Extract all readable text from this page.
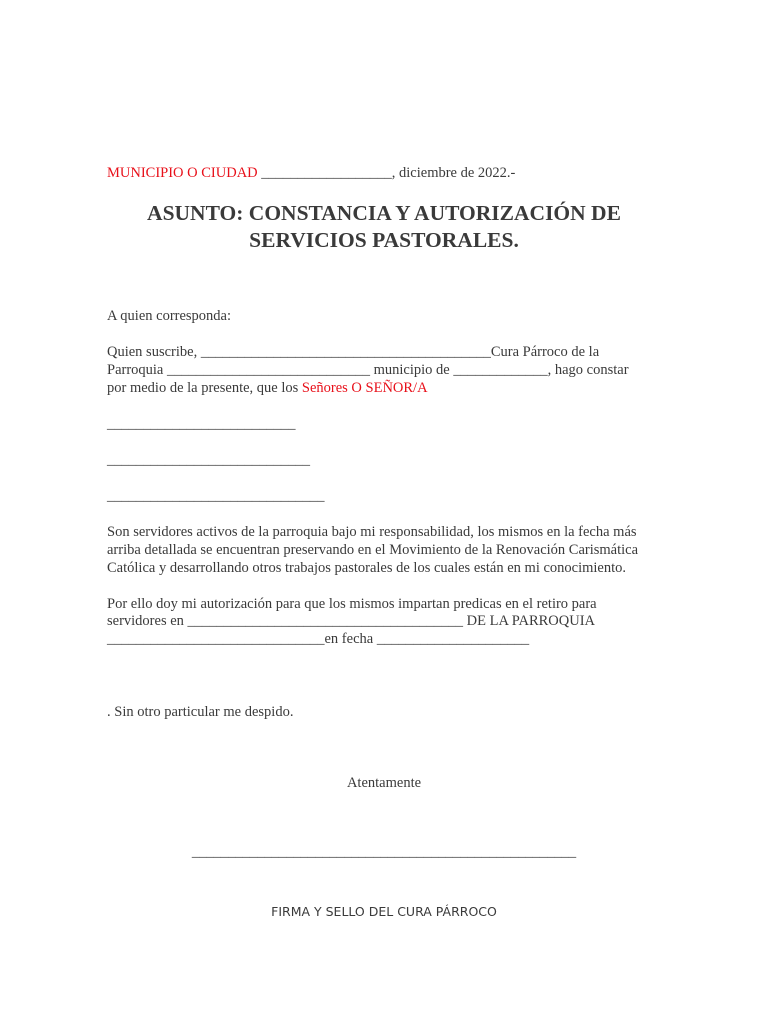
MUNICIPIO O CIUDAD __________________, diciembre de 2022.-
ASUNTO: CONSTANCIA Y AUTORIZACIÓN DE
SERVICIOS PASTORALES.
A quien corresponda:
Quien suscribe, ________________________________________Cura Párroco de la
Parroquia ____________________________ municipio de _____________, hago constar
por medio de la presente, que los Señores O SEÑOR/A
__________________________
____________________________
______________________________
Son servidores activos de la parroquia bajo mi responsabilidad, los mismos en la fecha más
arriba detallada se encuentran preservando en el Movimiento de la Renovación Carismática
Católica y desarrollando otros trabajos pastorales de los cuales están en mi conocimiento.
Por ello doy mi autorización para que los mismos impartan predicas en el retiro para
servidores en ______________________________________ DE LA PARROQUIA
______________________________en fecha _____________________
. Sin otro particular me despido.
Atentamente
_____________________________________________________
FIRMA Y SELLO DEL CURA PÁRROCO
